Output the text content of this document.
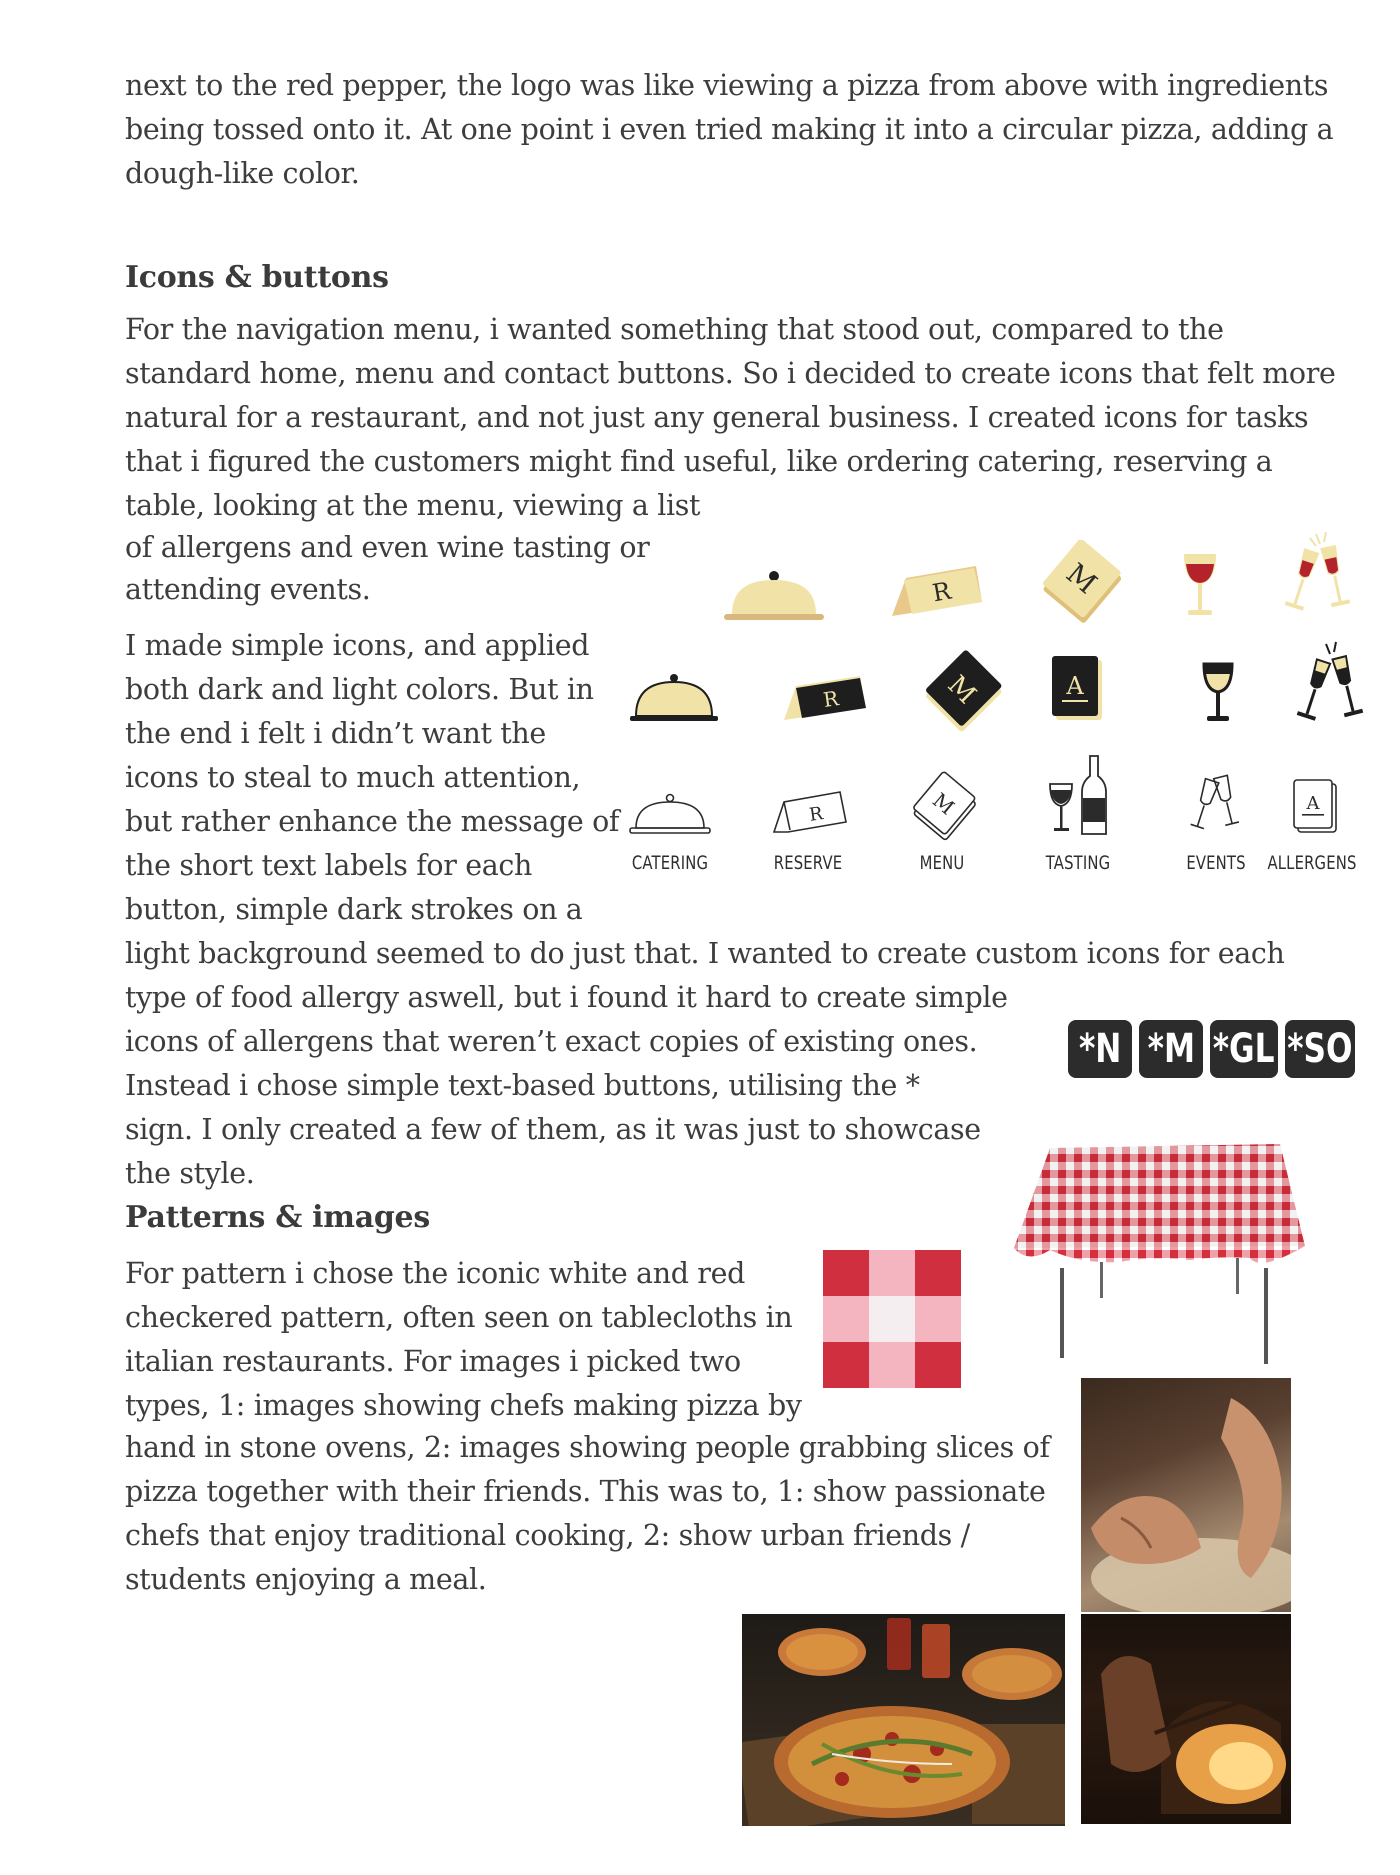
next to the red pepper, the logo was like viewing a pizza from above with ingredients
being tossed onto it. At one point i even tried making it into a circular pizza, adding a
dough-like color.
Icons & buttons
For the navigation menu, i wanted something that stood out, compared to the
standard home, menu and contact buttons. So i decided to create icons that felt more
natural for a restaurant, and not just any general business. I created icons for tasks
that i figured the customers might find useful, like ordering catering, reserving a
table, looking at the menu, viewing a list
of allergens and even wine tasting or
attending events.
I made simple icons, and applied
both dark and light colors. But in
the end i felt i didn’t want the
icons to steal to much attention,
but rather enhance the message of
the short text labels for each
button, simple dark strokes on a
light background seemed to do just that. I wanted to create custom icons for each
type of food allergy aswell, but i found it hard to create simple
icons of allergens that weren’t exact copies of existing ones.
Instead i chose simple text-based buttons, utilising the *
sign. I only created a few of them, as it was just to showcase
the style.
R	M
R	M	A
R	M	A
CATERING	RESERVE	MENU	TASTING	EVENTS	ALLERGENS
*N *M *GL *SO
Patterns & images
For pattern i chose the iconic white and red
checkered pattern, often seen on tablecloths in
italian restaurants. For images i picked two
types, 1: images showing chefs making pizza by
hand in stone ovens, 2: images showing people grabbing slices of
pizza together with their friends. This was to, 1: show passionate
chefs that enjoy traditional cooking, 2: show urban friends /
students enjoying a meal.
